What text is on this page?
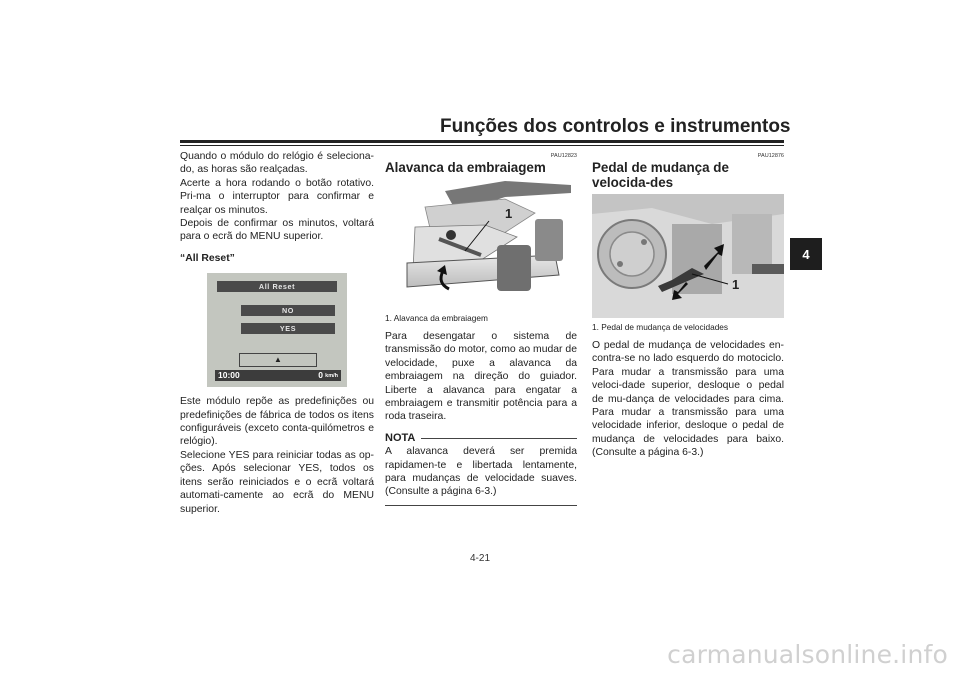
Funções dos controlos e instrumentos
4

Quando o módulo do relógio é seleciona-do, as horas são realçadas.

Acerte a hora rodando o botão rotativo. Pri-ma o interruptor para confirmar e realçar os minutos.

Depois de confirmar os minutos, voltará para o ecrã do MENU superior.

“All Reset”

All Reset
NO
YES
▲
10:00	0 km/h

Este módulo repõe as predefinições ou predefinições de fábrica de todos os itens configuráveis (exceto conta-quilómetros e relógio).

Selecione YES para reiniciar todas as op-ções. Após selecionar YES, todos os itens serão reiniciados e o ecrã voltará automati-camente ao ecrã do MENU superior.

PAU12823
Alavanca da embraiagem
1
1. Alavanca da embraiagem

Para desengatar o sistema de transmissão do motor, como ao mudar de velocidade, puxe a alavanca da embraiagem na direção do guiador. Liberte a alavanca para engatar a embraiagem e transmitir potência para a roda traseira.

NOTA

A alavanca deverá ser premida rapidamen-te e libertada lentamente, para mudanças de velocidade suaves. (Consulte a página 6-3.)

PAU12876
Pedal de mudança de velocida-des
1
1. Pedal de mudança de velocidades

O pedal de mudança de velocidades en-contra-se no lado esquerdo do motociclo. Para mudar a transmissão para uma veloci-dade superior, desloque o pedal de mu-dança de velocidades para cima. Para mudar a transmissão para uma velocidade inferior, desloque o pedal de mudança de velocidades para baixo. (Consulte a página 6-3.)

4-21
carmanualsonline.info
